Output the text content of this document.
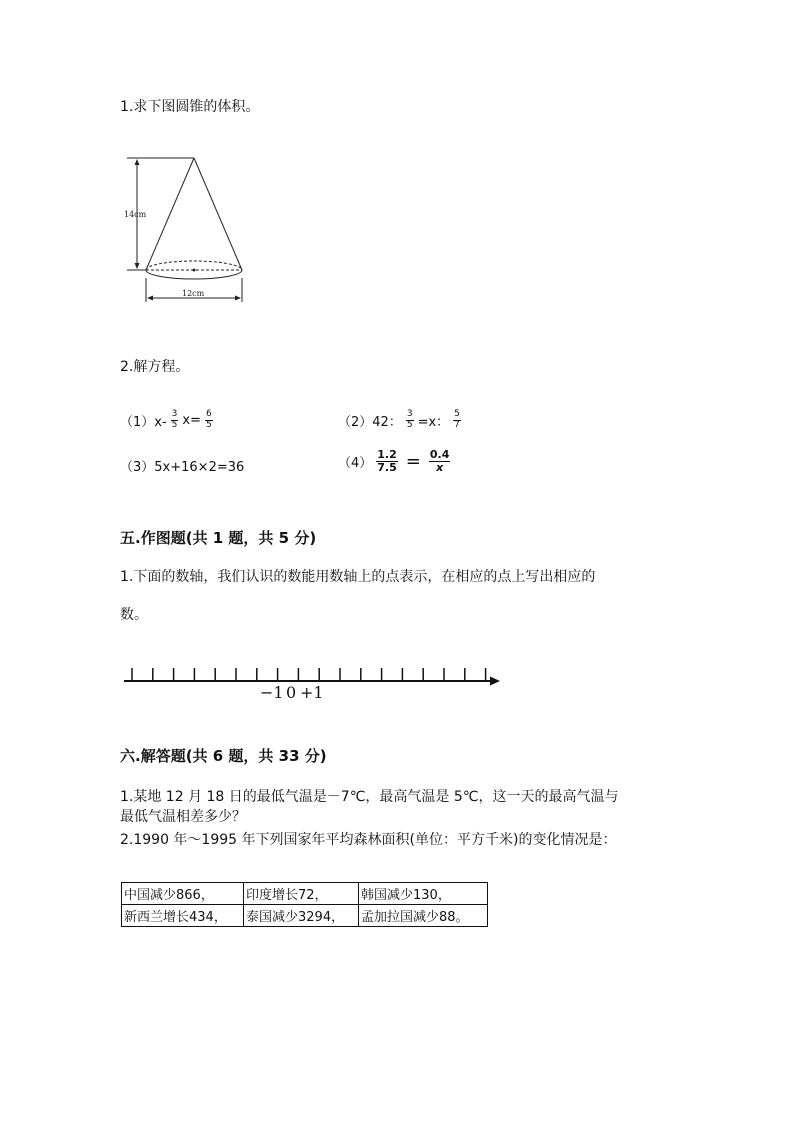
1.求下图圆锥的体积。
14cm
12cm
2.解方程。
$(1)x- \frac{3}{5} x= \frac{6}{5}$	（2）42： $\frac{3}{5} =x$： $\frac{5}{7}$
（3）5x+16×2=36	$(4) \frac{1.2}{7.5} = \frac{0.4}{x}$
五.作图题(共 1 题，共 5 分)
1.下面的数轴，我们认识的数能用数轴上的点表示，在相应的点上写出相应的
数。
−1 0 +1
六.解答题(共 6 题，共 33 分)
1.某地 12 月 18 日的最低气温是－7℃，最高气温是 5℃，这一天的最高气温与
最低气温相差多少？
2.1990 年～1995 年下列国家年平均森林面积(单位：平方千米)的变化情况是：
中国减少866，	印度增长72，	韩国减少130，
新西兰增长434，	泰国减少3294，	孟加拉国减少88。
